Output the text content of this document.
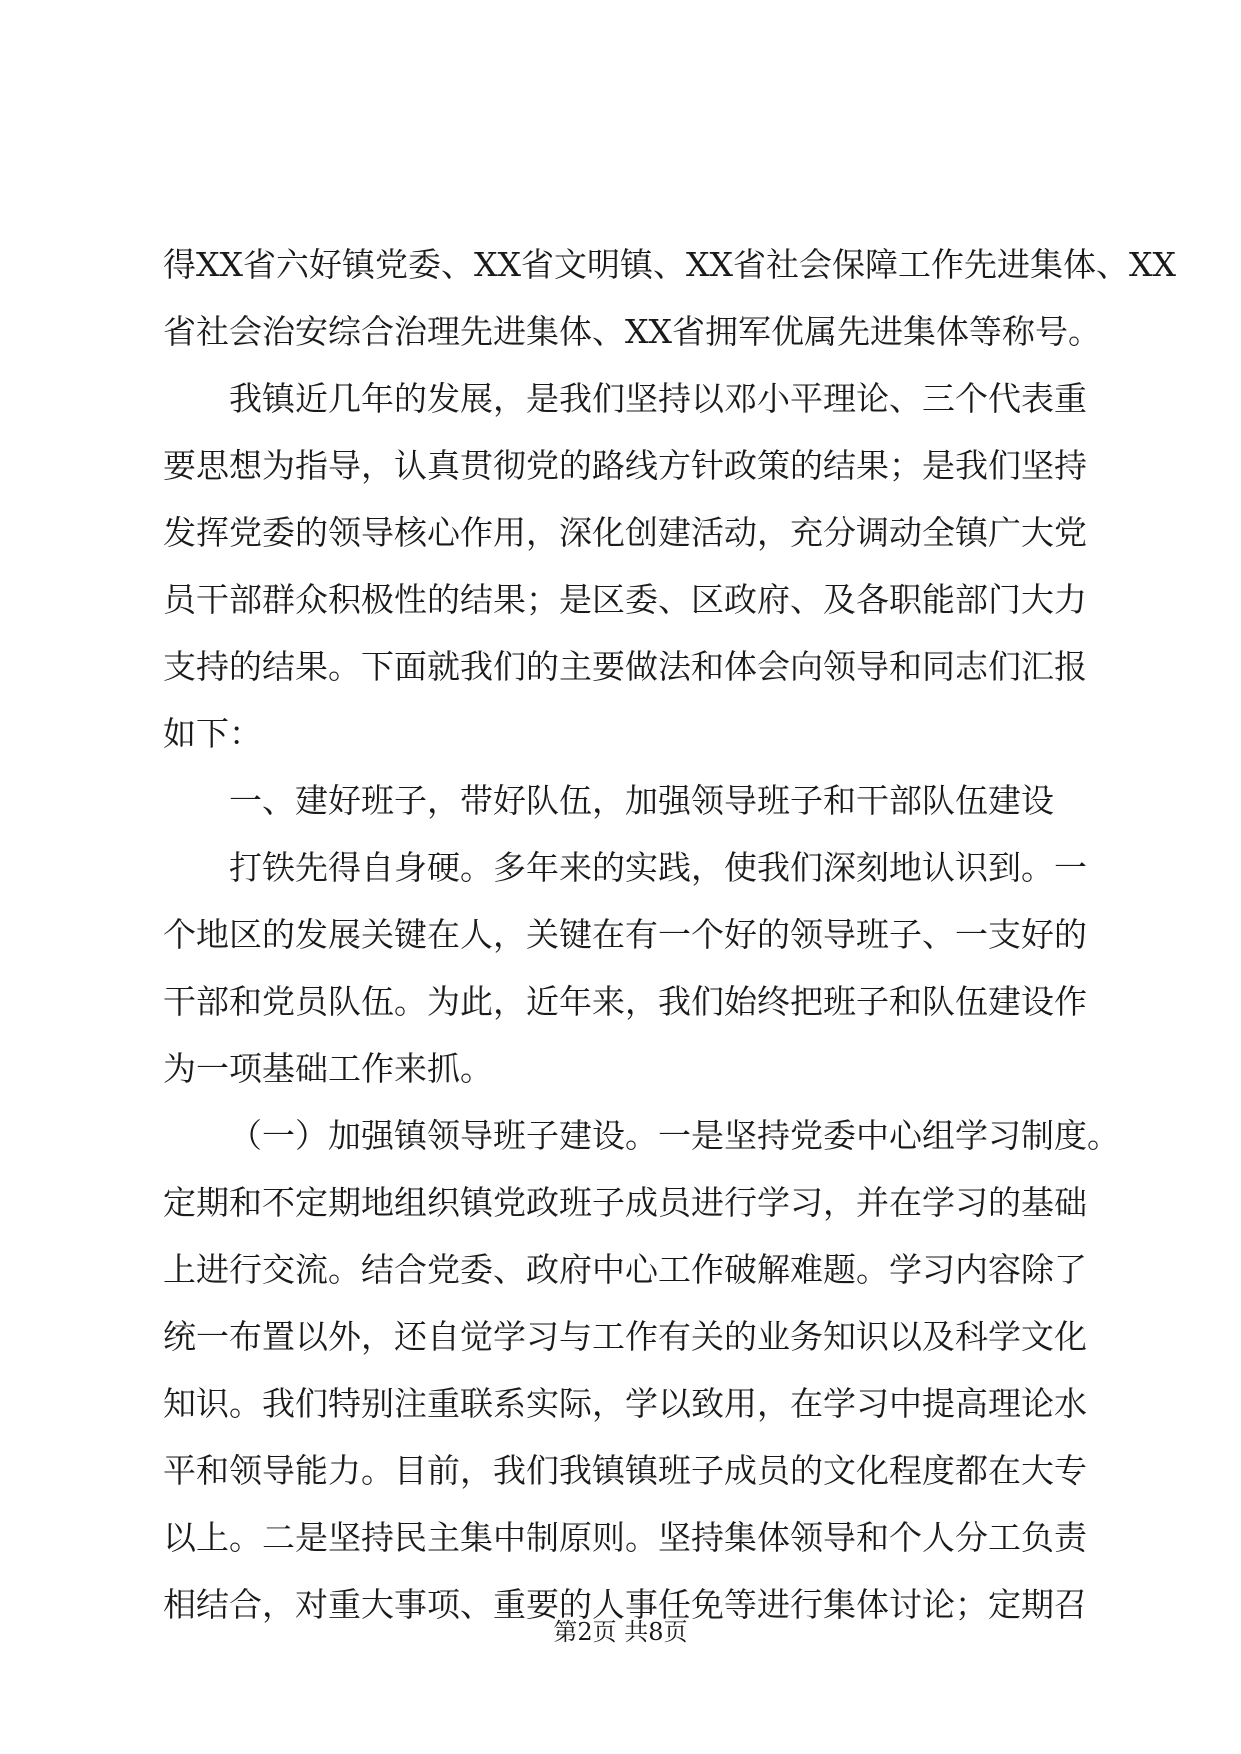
得XX省六好镇党委、XX省文明镇、XX省社会保障工作先进集体、XX
省社会治安综合治理先进集体、XX省拥军优属先进集体等称号。
我镇近几年的发展，是我们坚持以邓小平理论、三个代表重
要思想为指导，认真贯彻党的路线方针政策的结果；是我们坚持
发挥党委的领导核心作用，深化创建活动，充分调动全镇广大党
员干部群众积极性的结果；是区委、区政府、及各职能部门大力
支持的结果。下面就我们的主要做法和体会向领导和同志们汇报
如下：
一、建好班子，带好队伍，加强领导班子和干部队伍建设
打铁先得自身硬。多年来的实践，使我们深刻地认识到。一
个地区的发展关键在人，关键在有一个好的领导班子、一支好的
干部和党员队伍。为此，近年来，我们始终把班子和队伍建设作
为一项基础工作来抓。
（一）加强镇领导班子建设。一是坚持党委中心组学习制度。
定期和不定期地组织镇党政班子成员进行学习，并在学习的基础
上进行交流。结合党委、政府中心工作破解难题。学习内容除了
统一布置以外，还自觉学习与工作有关的业务知识以及科学文化
知识。我们特别注重联系实际，学以致用，在学习中提高理论水
平和领导能力。目前，我们我镇镇班子成员的文化程度都在大专
以上。二是坚持民主集中制原则。坚持集体领导和个人分工负责
相结合，对重大事项、重要的人事任免等进行集体讨论；定期召
第2页 共8页
